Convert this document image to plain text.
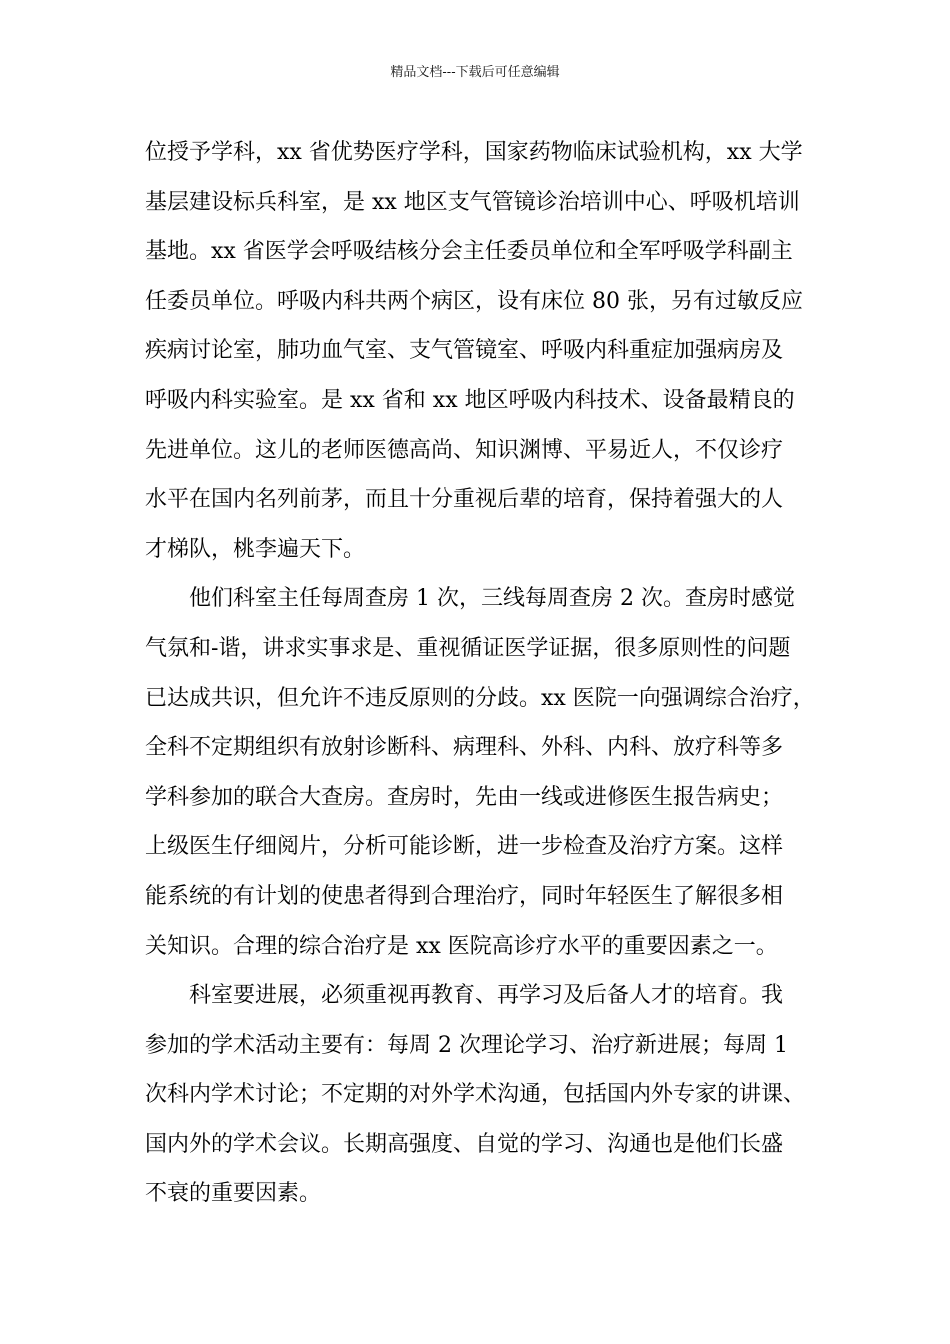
精品文档---下载后可任意编辑
位授予学科，xx 省优势医疗学科，国家药物临床试验机构，xx 大学
基层建设标兵科室，是 xx 地区支气管镜诊治培训中心、呼吸机培训
基地。xx 省医学会呼吸结核分会主任委员单位和全军呼吸学科副主
任委员单位。呼吸内科共两个病区，设有床位 80 张，另有过敏反应
疾病讨论室，肺功血气室、支气管镜室、呼吸内科重症加强病房及
呼吸内科实验室。是 xx 省和 xx 地区呼吸内科技术、设备最精良的
先进单位。这儿的老师医德高尚、知识渊博、平易近人，不仅诊疗
水平在国内名列前茅，而且十分重视后辈的培育，保持着强大的人
才梯队，桃李遍天下。
他们科室主任每周查房 1 次，三线每周查房 2 次。查房时感觉
气氛和-谐，讲求实事求是、重视循证医学证据，很多原则性的问题
已达成共识，但允许不违反原则的分歧。xx 医院一向强调综合治疗，
全科不定期组织有放射诊断科、病理科、外科、内科、放疗科等多
学科参加的联合大查房。查房时，先由一线或进修医生报告病史；
上级医生仔细阅片，分析可能诊断，进一步检查及治疗方案。这样
能系统的有计划的使患者得到合理治疗，同时年轻医生了解很多相
关知识。合理的综合治疗是 xx 医院高诊疗水平的重要因素之一。
科室要进展，必须重视再教育、再学习及后备人才的培育。我
参加的学术活动主要有：每周 2 次理论学习、治疗新进展；每周 1
次科内学术讨论；不定期的对外学术沟通，包括国内外专家的讲课、
国内外的学术会议。长期高强度、自觉的学习、沟通也是他们长盛
不衰的重要因素。
